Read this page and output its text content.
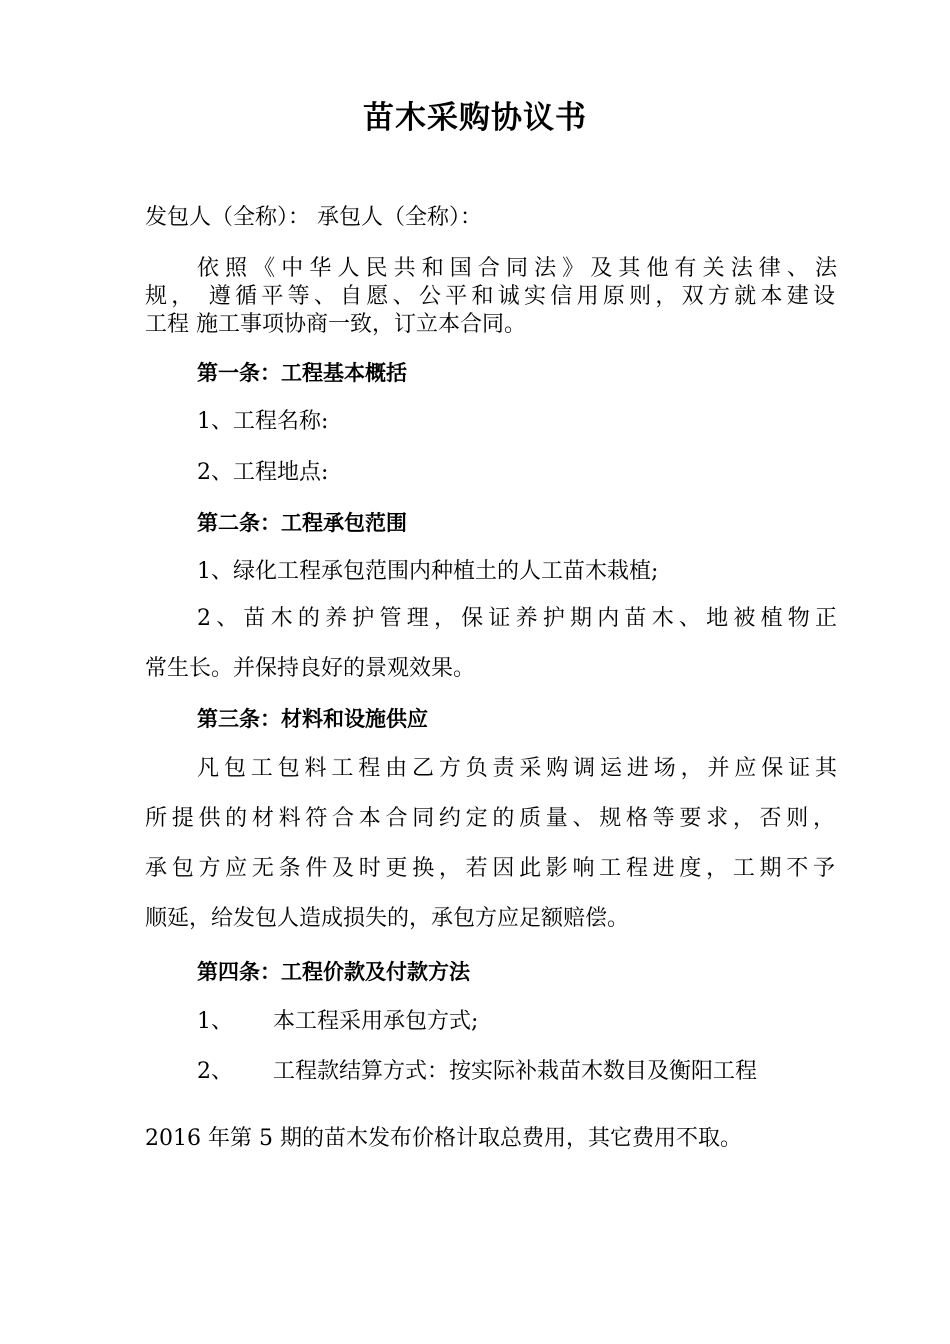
苗木采购协议书
发包人（全称）： 承包人（全称）：
依照《中华人民共和国合同法》及其他有关法律、法
规， 遵循平等、自愿、公平和诚实信用原则，双方就本建设
工程 施工事项协商一致，订立本合同。
第一条：工程基本概括
1、工程名称:
2、工程地点:
第二条：工程承包范围
1、绿化工程承包范围内种植土的人工苗木栽植;
2、苗木的养护管理，保证养护期内苗木、地被植物正
常生长。并保持良好的景观效果。
第三条：材料和设施供应
凡包工包料工程由乙方负责采购调运进场，并应保证其
所提供的材料符合本合同约定的质量、规格等要求，否则，
承包方应无条件及时更换，若因此影响工程进度，工期不予
顺延，给发包人造成损失的，承包方应足额赔偿。
第四条：工程价款及付款方法
1、 本工程采用承包方式;
2、 工程款结算方式：按实际补栽苗木数目及衡阳工程
2016 年第 5 期的苗木发布价格计取总费用，其它费用不取。
